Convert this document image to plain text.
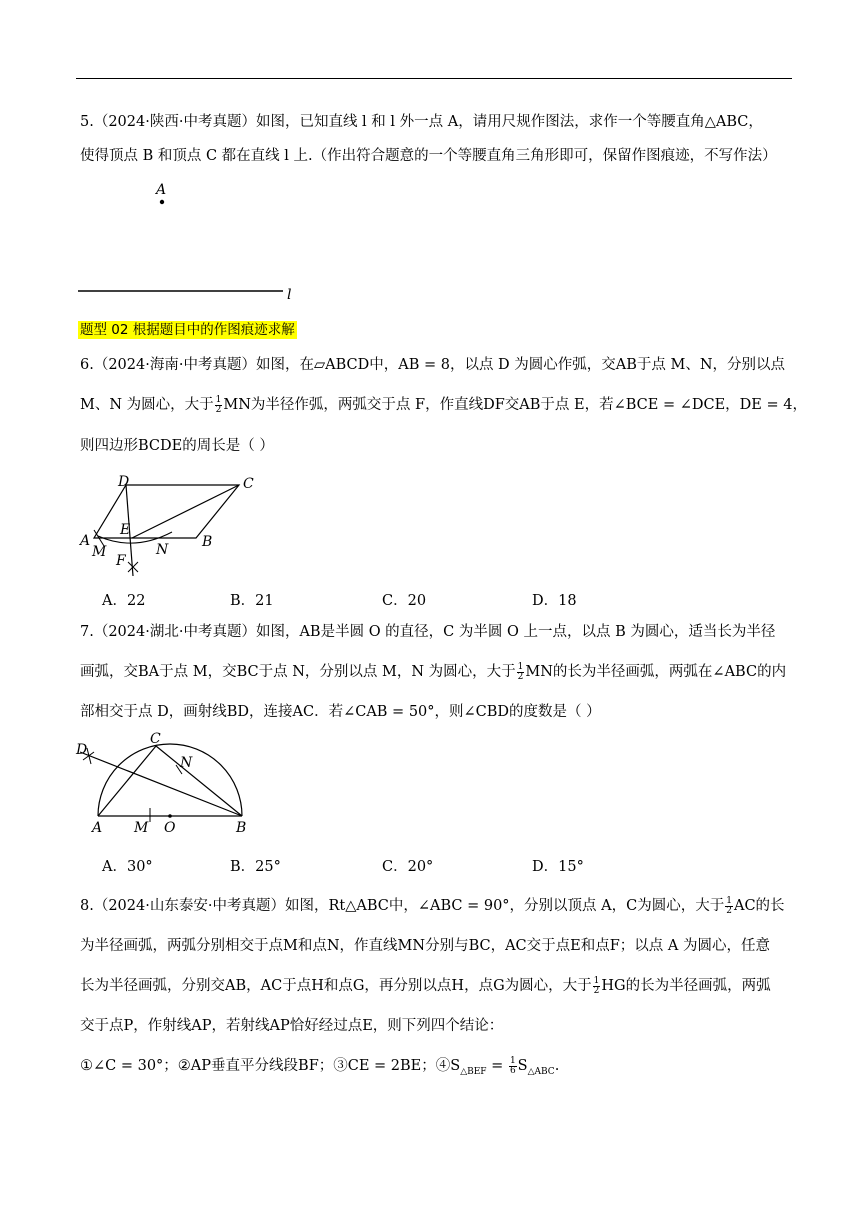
5.（2024·陕西·中考真题）如图，已知直线 l 和 l 外一点 A，请用尺规作图法，求作一个等腰直角△ABC，
使得顶点 B 和顶点 C 都在直线 l 上.（作出符合题意的一个等腰直角三角形即可，保留作图痕迹，不写作法）
A
l
题型 02 根据题目中的作图痕迹求解
6.（2024·海南·中考真题）如图，在▱ABCD中，AB = 8，以点 D 为圆心作弧，交AB于点 M、N，分别以点
M、N 为圆心，大于 $\frac{1}{2}$ MN为半径作弧，两弧交于点 F，作直线DF交AB于点 E，若∠BCE = ∠DCE，DE = 4，
则四边形BCDE的周长是（ ）
D	C
E
A
M	N B
F
A．22	B．21	C．20	D．18
7.（2024·湖北·中考真题）如图，AB是半圆 O 的直径，C 为半圆 O 上一点，以点 B 为圆心，适当长为半径
画弧，交BA于点 M，交BC于点 N，分别以点 M，N 为圆心，大于 $\frac{1}{2}$ MN的长为半径画弧，两弧在∠ABC的内
部相交于点 D，画射线BD，连接AC．若∠CAB = 50°，则∠CBD的度数是（ ）
D
C
N
A M O	B
A．30°	B．25°	C．20°	D．15°
8.（2024·山东泰安·中考真题）如图，Rt△ABC中，∠ABC = 90°，分别以顶点 A，C为圆心，大于 $\frac{1}{2}$ AC的长
为半径画弧，两弧分别相交于点M和点N，作直线MN分别与BC，AC交于点E和点F；以点 A 为圆心，任意
长为半径画弧，分别交AB，AC于点H和点G，再分别以点H，点G为圆心，大于 $\frac{1}{2}$ HG的长为半径画弧，两弧
交于点P，作射线AP，若射线AP恰好经过点E，则下列四个结论：
①∠C = 30°；②AP垂直平分线段BF；③CE = 2BE；$④S_{\triangle BEF} = \frac{1}{6} S_{\triangle ABC}$.
